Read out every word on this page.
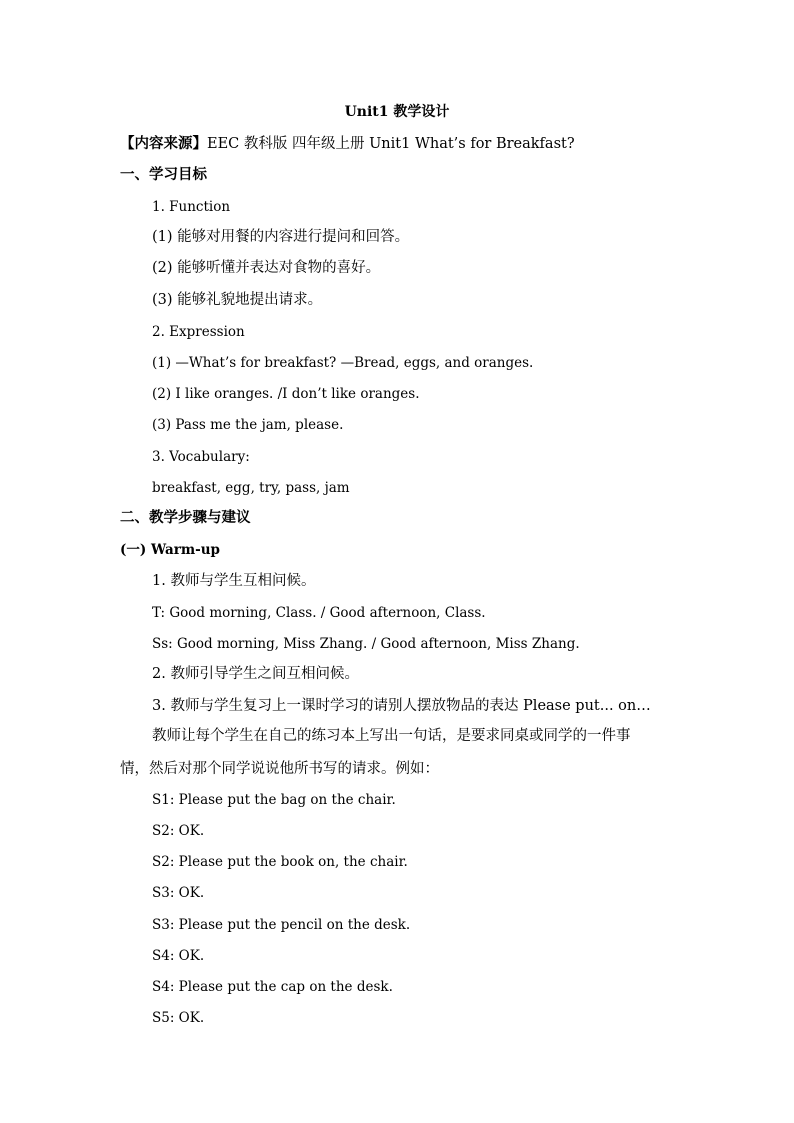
Unit1 教学设计
【内容来源】EEC 教科版 四年级上册 Unit1 What’s for Breakfast?
一、学习目标
1. Function
(1) 能够对用餐的内容进行提问和回答。
(2) 能够听懂并表达对食物的喜好。
(3) 能够礼貌地提出请求。
2. Expression
(1) —What’s for breakfast? —Bread, eggs, and oranges.
(2) I like oranges. /I don’t like oranges.
(3) Pass me the jam, please.
3. Vocabulary:
breakfast, egg, try, pass, jam
二、教学步骤与建议
(一) Warm-up
1. 教师与学生互相问候。
T: Good morning, Class. / Good afternoon, Class.
Ss: Good morning, Miss Zhang. / Good afternoon, Miss Zhang.
2. 教师引导学生之间互相问候。
3. 教师与学生复习上一课时学习的请别人摆放物品的表达 Please put... on…
教师让每个学生在自己的练习本上写出一句话，是要求同桌或同学的一件事
情，然后对那个同学说说他所书写的请求。例如：
S1: Please put the bag on the chair.
S2: OK.
S2: Please put the book on, the chair.
S3: OK.
S3: Please put the pencil on the desk.
S4: OK.
S4: Please put the cap on the desk.
S5: OK.
